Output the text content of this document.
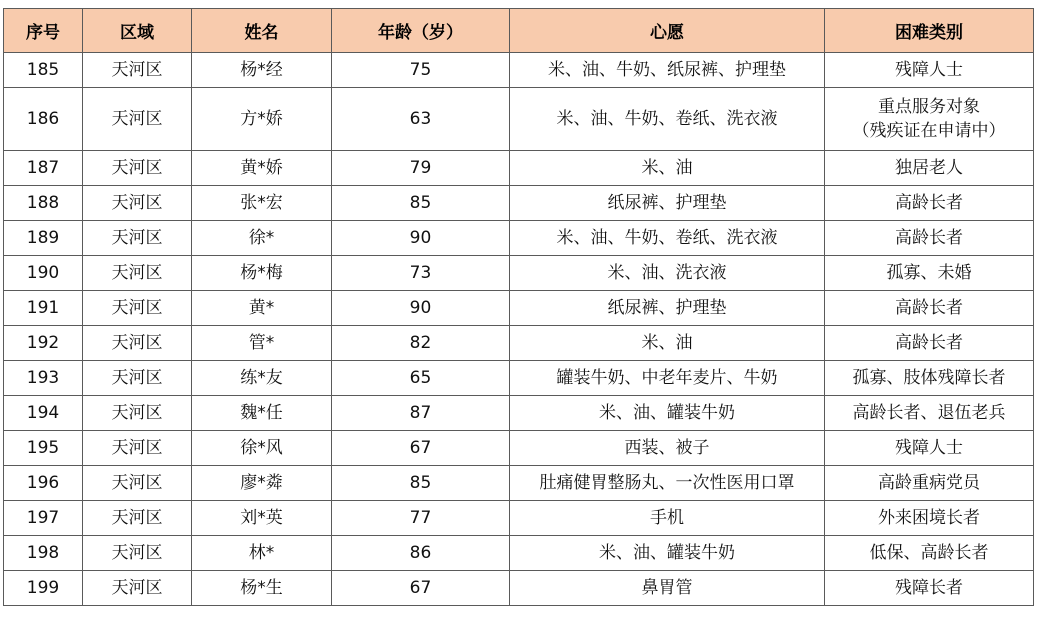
序号	区域	姓名	年龄（岁）	心愿	困难类别
185	天河区	杨*经	75	米、油、牛奶、纸尿裤、护理垫	残障人士
186	天河区	方*娇	63	米、油、牛奶、卷纸、洗衣液	重点服务对象
（残疾证在申请中）

187	天河区	黄*娇	79	米、油	独居老人
188	天河区	张*宏	85	纸尿裤、护理垫	高龄长者
189	天河区	徐*	90	米、油、牛奶、卷纸、洗衣液	高龄长者
190	天河区	杨*梅	73	米、油、洗衣液	孤寡、未婚
191	天河区	黄*	90	纸尿裤、护理垫	高龄长者
192	天河区	管*	82	米、油	高龄长者
193	天河区	练*友	65	罐装牛奶、中老年麦片、牛奶	孤寡、肢体残障长者
194	天河区	魏*任	87	米、油、罐装牛奶	高龄长者、退伍老兵
195	天河区	徐*风	67	西装、被子	残障人士
196	天河区	廖*粦	85	肚痛健胃整肠丸、一次性医用口罩	高龄重病党员
197	天河区	刘*英	77	手机	外来困境长者
198	天河区	林*	86	米、油、罐装牛奶	低保、高龄长者
199	天河区	杨*生	67	鼻胃管	残障长者
